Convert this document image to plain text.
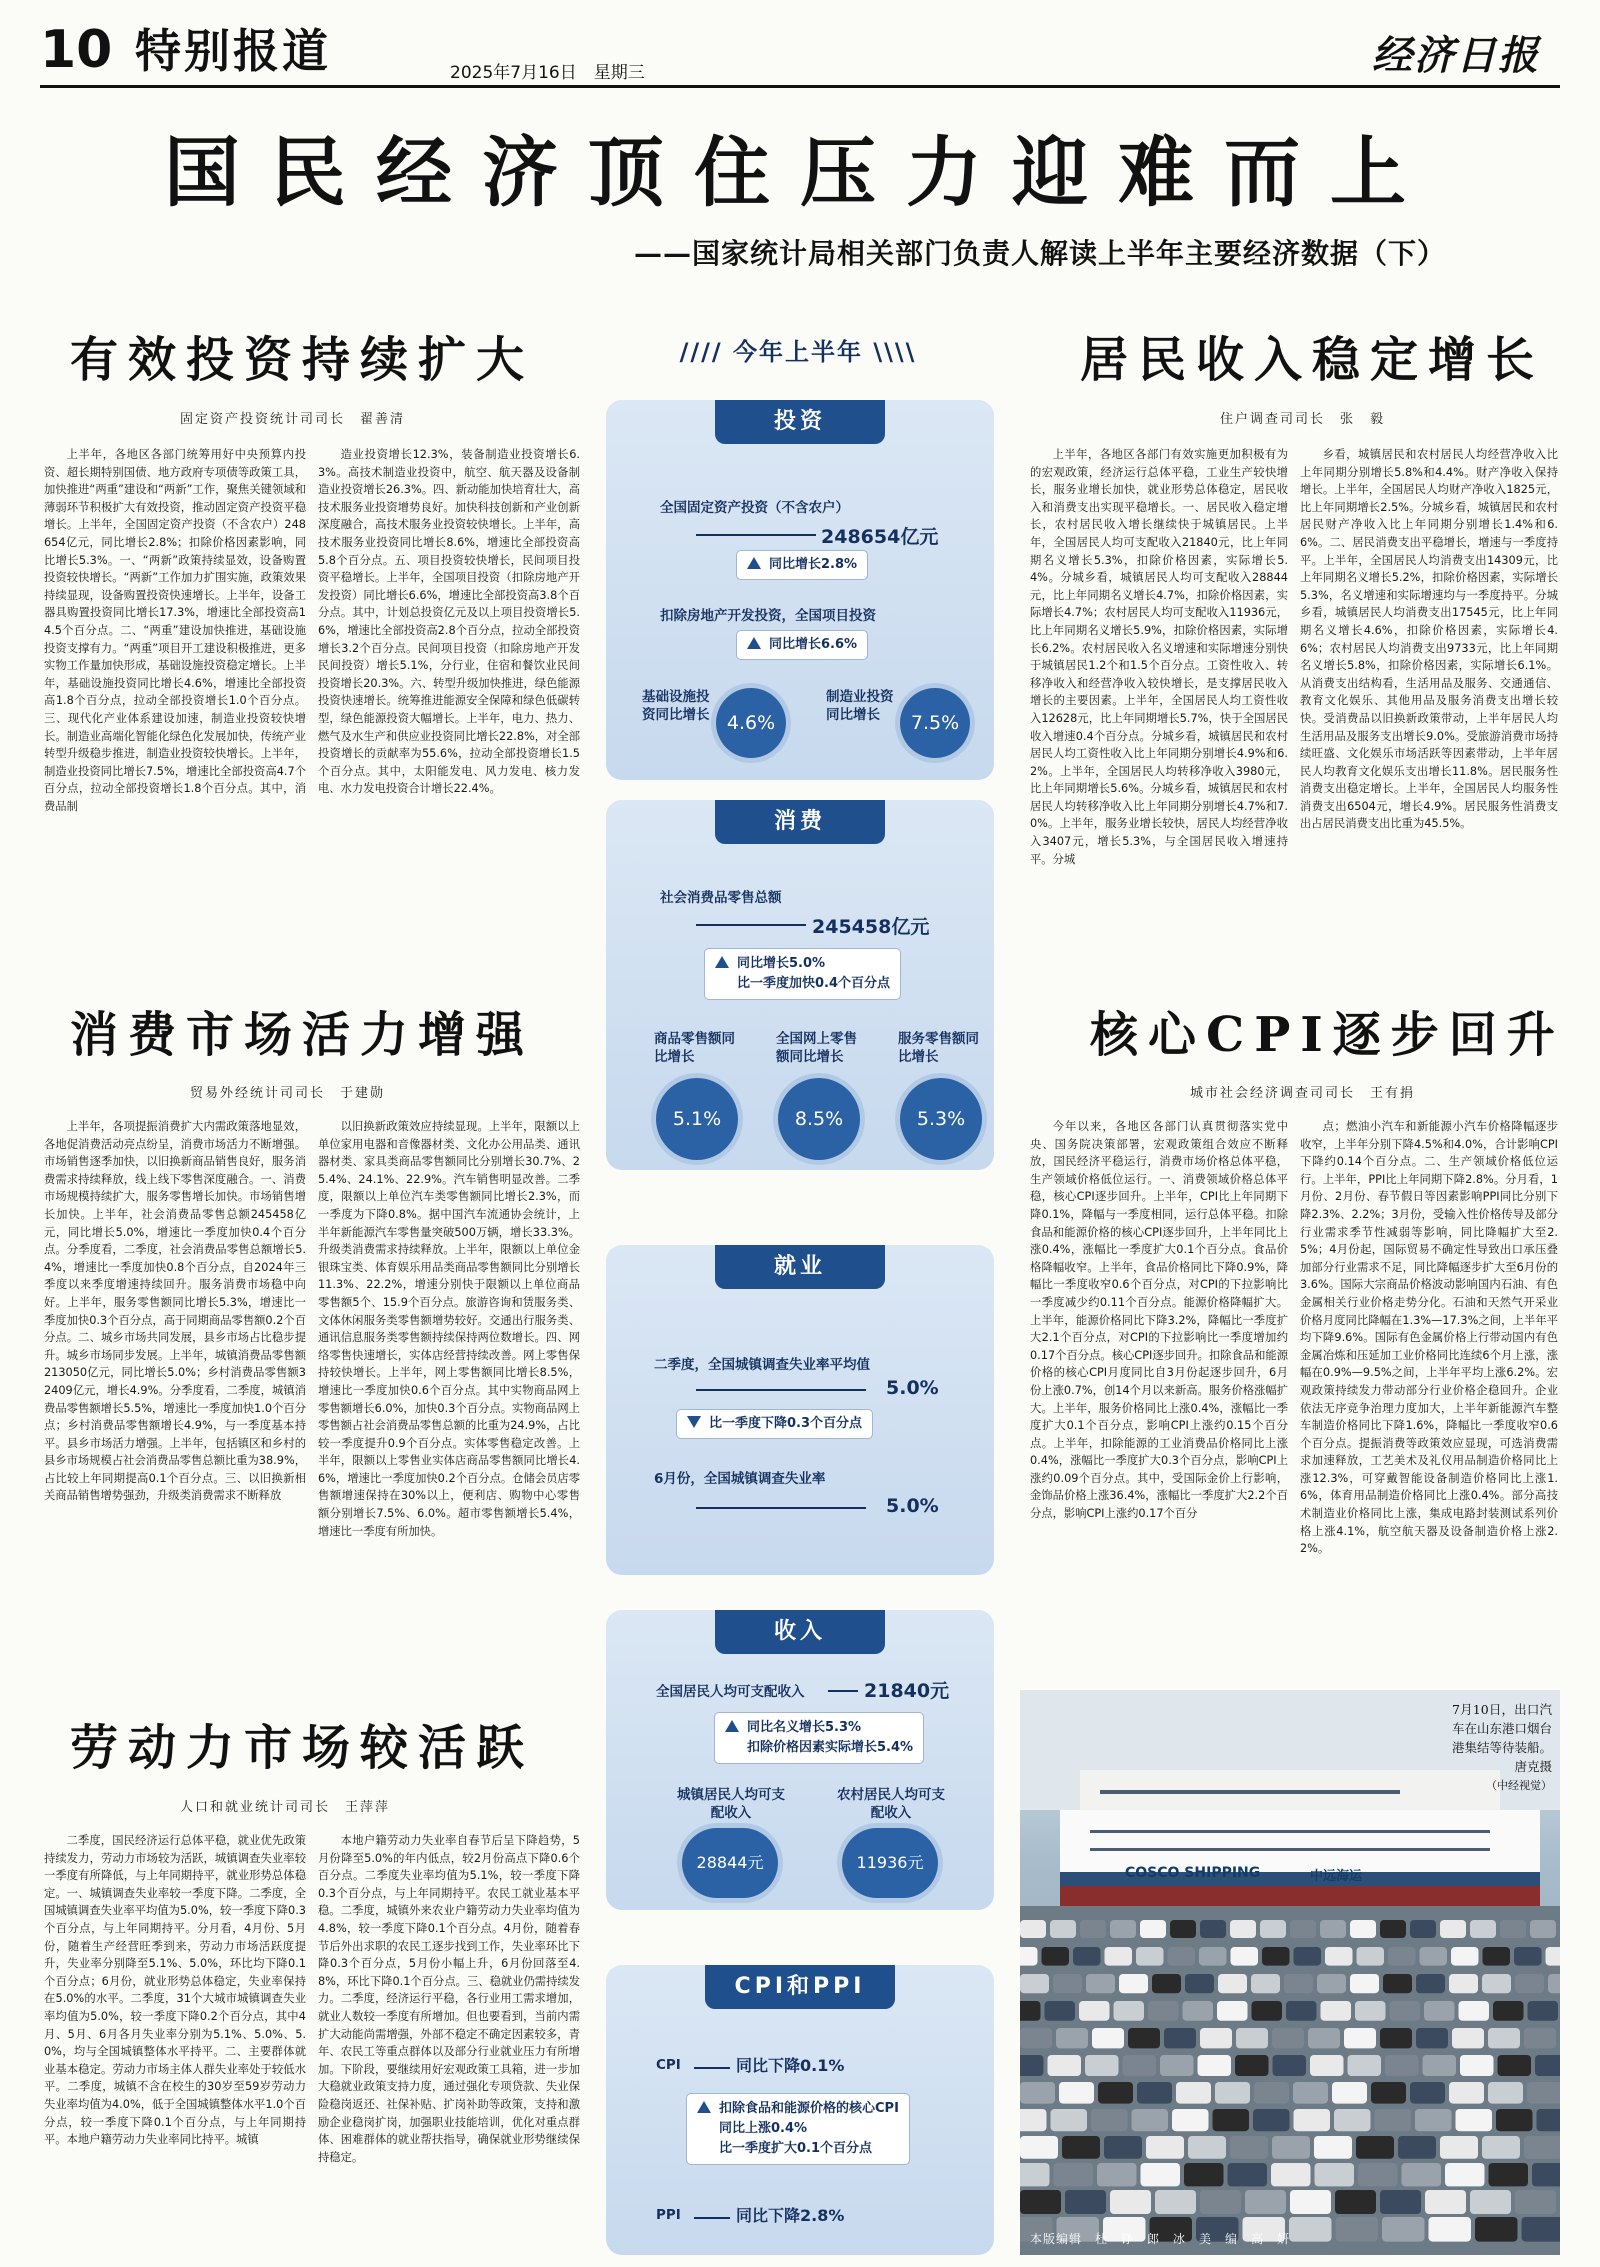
10 特别报道	2025年7月16日　星期三	经济日报
国民经济顶住压力迎难而上
——国家统计局相关部门负责人解读上半年主要经济数据（下）
有效投资持续扩大
固定资产投资统计司司长　翟善清

上半年，各地区各部门统筹用好中央预算内投资、超长期特别国债、地方政府专项债等政策工具，加快推进“两重”建设和“两新”工作，聚焦关键领域和薄弱环节积极扩大有效投资，推动固定资产投资平稳增长。上半年，全国固定资产投资（不含农户）248654亿元，同比增长2.8%；扣除价格因素影响，同比增长5.3%。一、“两新”政策持续显效，设备购置投资较快增长。“两新”工作加力扩围实施，政策效果持续显现，设备购置投资快速增长。上半年，设备工器具购置投资同比增长17.3%，增速比全部投资高14.5个百分点。二、“两重”建设加快推进，基础设施投资支撑有力。“两重”项目开工建设积极推进，更多实物工作量加快形成，基础设施投资稳定增长。上半年，基础设施投资同比增长4.6%，增速比全部投资高1.8个百分点，拉动全部投资增长1.0个百分点。三、现代化产业体系建设加速，制造业投资较快增长。制造业高端化智能化绿色化发展加快，传统产业转型升级稳步推进，制造业投资较快增长。上半年，制造业投资同比增长7.5%，增速比全部投资高4.7个百分点，拉动全部投资增长1.8个百分点。其中，消费品制

造业投资增长12.3%，装备制造业投资增长6.3%。高技术制造业投资中，航空、航天器及设备制造业投资增长26.3%。四、新动能加快培育壮大，高技术服务业投资增势良好。加快科技创新和产业创新深度融合，高技术服务业投资较快增长。上半年，高技术服务业投资同比增长8.6%，增速比全部投资高5.8个百分点。五、项目投资较快增长，民间项目投资平稳增长。上半年，全国项目投资（扣除房地产开发投资）同比增长6.6%，增速比全部投资高3.8个百分点。其中，计划总投资亿元及以上项目投资增长5.6%，增速比全部投资高2.8个百分点，拉动全部投资增长3.2个百分点。民间项目投资（扣除房地产开发民间投资）增长5.1%，分行业，住宿和餐饮业民间投资增长20.3%。六、转型升级加快推进，绿色能源投资快速增长。统筹推进能源安全保障和绿色低碳转型，绿色能源投资大幅增长。上半年，电力、热力、燃气及水生产和供应业投资同比增长22.8%，对全部投资增长的贡献率为55.6%，拉动全部投资增长1.5个百分点。其中，太阳能发电、风力发电、核力发电、水力发电投资合计增长22.4%。

消费市场活力增强
贸易外经统计司司长　于建勋

上半年，各项提振消费扩大内需政策落地显效，各地促消费活动亮点纷呈，消费市场活力不断增强。市场销售逐季加快，以旧换新商品销售良好，服务消费需求持续释放，线上线下零售深度融合。一、消费市场规模持续扩大，服务零售增长加快。市场销售增长加快。上半年，社会消费品零售总额245458亿元，同比增长5.0%，增速比一季度加快0.4个百分点。分季度看，二季度，社会消费品零售总额增长5.4%，增速比一季度加快0.8个百分点，自2024年三季度以来季度增速持续回升。服务消费市场稳中向好。上半年，服务零售额同比增长5.3%，增速比一季度加快0.3个百分点，高于同期商品零售额0.2个百分点。二、城乡市场共同发展，县乡市场占比稳步提升。城乡市场同步发展。上半年，城镇消费品零售额213050亿元，同比增长5.0%；乡村消费品零售额32409亿元，增长4.9%。分季度看，二季度，城镇消费品零售额增长5.5%，增速比一季度加快1.0个百分点；乡村消费品零售额增长4.9%，与一季度基本持平。县乡市场活力增强。上半年，包括镇区和乡村的县乡市场规模占社会消费品零售总额比重为38.9%，占比较上年同期提高0.1个百分点。三、以旧换新相关商品销售增势强劲，升级类消费需求不断释放

以旧换新政策效应持续显现。上半年，限额以上单位家用电器和音像器材类、文化办公用品类、通讯器材类、家具类商品零售额同比分别增长30.7%、25.4%、24.1%、22.9%。汽车销售明显改善。二季度，限额以上单位汽车类零售额同比增长2.3%，而一季度为下降0.8%。据中国汽车流通协会统计，上半年新能源汽车零售量突破500万辆，增长33.3%。升级类消费需求持续释放。上半年，限额以上单位金银珠宝类、体育娱乐用品类商品零售额同比分别增长11.3%、22.2%，增速分别快于限额以上单位商品零售额5个、15.9个百分点。旅游咨询和赁服务类、文体休闲服务类零售额增势较好。交通出行服务类、通讯信息服务类零售额持续保持两位数增长。四、网络零售快速增长，实体店经营持续改善。网上零售保持较快增长。上半年，网上零售额同比增长8.5%，增速比一季度加快0.6个百分点。其中实物商品网上零售额增长6.0%，加快0.3个百分点。实物商品网上零售额占社会消费品零售总额的比重为24.9%，占比较一季度提升0.9个百分点。实体零售稳定改善。上半年，限额以上零售业实体店商品零售额同比增长4.6%，增速比一季度加快0.2个百分点。仓储会员店零售额增速保持在30%以上，便利店、购物中心零售额分别增长7.5%、6.0%。超市零售额增长5.4%，增速比一季度有所加快。

劳动力市场较活跃
人口和就业统计司司长　王萍萍

二季度，国民经济运行总体平稳，就业优先政策持续发力，劳动力市场较为活跃，城镇调查失业率较一季度有所降低，与上年同期持平，就业形势总体稳定。一、城镇调查失业率较一季度下降。二季度，全国城镇调查失业率平均值为5.0%，较一季度下降0.3个百分点，与上年同期持平。分月看，4月份、5月份，随着生产经营旺季到来，劳动力市场活跃度提升，失业率分别降至5.1%、5.0%，环比均下降0.1个百分点；6月份，就业形势总体稳定，失业率保持在5.0%的水平。二季度，31个大城市城镇调查失业率均值为5.0%，较一季度下降0.2个百分点，其中4月、5月、6月各月失业率分别为5.1%、5.0%、5.0%，均与全国城镇整体水平持平。二、主要群体就业基本稳定。劳动力市场主体人群失业率处于较低水平。二季度，城镇不含在校生的30岁至59岁劳动力失业率均值为4.0%，低于全国城镇整体水平1.0个百分点，较一季度下降0.1个百分点，与上年同期持平。本地户籍劳动力失业率同比持平。城镇

本地户籍劳动力失业率自春节后呈下降趋势，5月份降至5.0%的年内低点，较2月份高点下降0.6个百分点。二季度失业率均值为5.1%，较一季度下降0.3个百分点，与上年同期持平。农民工就业基本平稳。二季度，城镇外来农业户籍劳动力失业率均值为4.8%，较一季度下降0.1个百分点。4月份，随着春节后外出求职的农民工逐步找到工作，失业率环比下降0.3个百分点，5月份小幅上升，6月份回落至4.8%，环比下降0.1个百分点。三、稳就业仍需持续发力。二季度，经济运行平稳，各行业用工需求增加，就业人数较一季度有所增加。但也要看到，当前内需扩大动能尚需增强，外部不稳定不确定因素较多，青年、农民工等重点群体以及部分行业就业压力有所增加。下阶段，要继续用好宏观政策工具箱，进一步加大稳就业政策支持力度，通过强化专项贷款、失业保险稳岗返还、社保补贴、扩岗补助等政策，支持和激励企业稳岗扩岗，加强职业技能培训，优化对重点群体、困难群体的就业帮扶指导，确保就业形势继续保持稳定。

居民收入稳定增长
住户调查司司长　张　毅

上半年，各地区各部门有效实施更加积极有为的宏观政策，经济运行总体平稳，工业生产较快增长，服务业增长加快，就业形势总体稳定，居民收入和消费支出实现平稳增长。一、居民收入稳定增长，农村居民收入增长继续快于城镇居民。上半年，全国居民人均可支配收入21840元，比上年同期名义增长5.3%，扣除价格因素，实际增长5.4%。分城乡看，城镇居民人均可支配收入28844元，比上年同期名义增长4.7%，扣除价格因素，实际增长4.7%；农村居民人均可支配收入11936元，比上年同期名义增长5.9%，扣除价格因素，实际增长6.2%。农村居民收入名义增速和实际增速分别快于城镇居民1.2个和1.5个百分点。工资性收入、转移净收入和经营净收入较快增长，是支撑居民收入增长的主要因素。上半年，全国居民人均工资性收入12628元，比上年同期增长5.7%，快于全国居民收入增速0.4个百分点。分城乡看，城镇居民和农村居民人均工资性收入比上年同期分别增长4.9%和6.2%。上半年，全国居民人均转移净收入3980元，比上年同期增长5.6%。分城乡看，城镇居民和农村居民人均转移净收入比上年同期分别增长4.7%和7.0%。上半年，服务业增长较快，居民人均经营净收入3407元，增长5.3%，与全国居民收入增速持平。分城

乡看，城镇居民和农村居民人均经营净收入比上年同期分别增长5.8%和4.4%。财产净收入保持增长。上半年，全国居民人均财产净收入1825元，比上年同期增长2.5%。分城乡看，城镇居民和农村居民财产净收入比上年同期分别增长1.4%和6.6%。二、居民消费支出平稳增长，增速与一季度持平。上半年，全国居民人均消费支出14309元，比上年同期名义增长5.2%，扣除价格因素，实际增长5.3%，名义增速和实际增速均与一季度持平。分城乡看，城镇居民人均消费支出17545元，比上年同期名义增长4.6%，扣除价格因素，实际增长4.6%；农村居民人均消费支出9733元，比上年同期名义增长5.8%，扣除价格因素，实际增长6.1%。从消费支出结构看，生活用品及服务、交通通信、教育文化娱乐、其他用品及服务消费支出增长较快。受消费品以旧换新政策带动，上半年居民人均生活用品及服务支出增长9.0%。受旅游消费市场持续旺盛、文化娱乐市场活跃等因素带动，上半年居民人均教育文化娱乐支出增长11.8%。居民服务性消费支出稳定增长。上半年，全国居民人均服务性消费支出6504元，增长4.9%。居民服务性消费支出占居民消费支出比重为45.5%。

核心CPI逐步回升
城市社会经济调查司司长　王有捐

今年以来，各地区各部门认真贯彻落实党中央、国务院决策部署，宏观政策组合效应不断释放，国民经济平稳运行，消费市场价格总体平稳，生产领域价格低位运行。一、消费领域价格总体平稳，核心CPI逐步回升。上半年，CPI比上年同期下降0.1%，降幅与一季度相同，运行总体平稳。扣除食品和能源价格的核心CPI逐步回升，上半年同比上涨0.4%，涨幅比一季度扩大0.1个百分点。食品价格降幅收窄。上半年，食品价格同比下降0.9%，降幅比一季度收窄0.6个百分点，对CPI的下拉影响比一季度减少约0.11个百分点。能源价格降幅扩大。上半年，能源价格同比下降3.2%，降幅比一季度扩大2.1个百分点，对CPI的下拉影响比一季度增加约0.17个百分点。核心CPI逐步回升。扣除食品和能源价格的核心CPI月度同比自3月份起逐步回升，6月份上涨0.7%，创14个月以来新高。服务价格涨幅扩大。上半年，服务价格同比上涨0.4%，涨幅比一季度扩大0.1个百分点，影响CPI上涨约0.15个百分点。上半年，扣除能源的工业消费品价格同比上涨0.4%，涨幅比一季度扩大0.3个百分点，影响CPI上涨约0.09个百分点。其中，受国际金价上行影响，金饰品价格上涨36.4%，涨幅比一季度扩大2.2个百分点，影响CPI上涨约0.17个百分

点；燃油小汽车和新能源小汽车价格降幅逐步收窄，上半年分别下降4.5%和4.0%，合计影响CPI下降约0.14个百分点。二、生产领域价格低位运行。上半年，PPI比上年同期下降2.8%。分月看，1月份、2月份、春节假日等因素影响PPI同比分别下降2.3%、2.2%；3月份，受输入性价格传导及部分行业需求季节性减弱等影响，同比降幅扩大至2.5%；4月份起，国际贸易不确定性导致出口承压叠加部分行业需求不足，同比降幅逐步扩大至6月份的3.6%。国际大宗商品价格波动影响国内石油、有色金属相关行业价格走势分化。石油和天然气开采业价格月度同比降幅在1.3%—17.3%之间，上半年平均下降9.6%。国际有色金属价格上行带动国内有色金属冶炼和压延加工业价格同比连续6个月上涨，涨幅在0.9%—9.5%之间，上半年平均上涨6.2%。宏观政策持续发力带动部分行业价格企稳回升。企业依法无序竞争治理力度加大，上半年新能源汽车整车制造价格同比下降1.6%，降幅比一季度收窄0.6个百分点。提振消费等政策效应显现，可选消费需求加速释放，工艺美术及礼仪用品制造价格同比上涨12.3%，可穿戴智能设备制造价格同比上涨1.6%，体育用品制造价格同比上涨0.4%。部分高技术制造业价格同比上涨，集成电路封装测试系列价格上涨4.1%，航空航天器及设备制造价格上涨2.2%。

//// 今年上半年 \\\\
投资
全国固定资产投资（不含农户）
248654亿元
同比增长2.8%
扣除房地产开发投资，全国项目投资
同比增长6.6%
基础设施投资同比增长 4.6%
制造业投资同比增长	7.5%
消费
社会消费品零售总额
245458亿元
同比增长5.0%
比一季度加快0.4个百分点
商品零售额同比增长
全国网上零售额同比增长
服务零售额同比增长
5.1%	8.5%	5.3%
就业
二季度，全国城镇调查失业率平均值
5.0%
比一季度下降0.3个百分点
6月份，全国城镇调查失业率
5.0%
收入
全国居民人均可支配收入	21840元
同比名义增长5.3%
扣除价格因素实际增长5.4%
城镇居民人均可支配收入
农村居民人均可支配收入
28844元	11936元
CPI和PPI
CPI	同比下降0.1%
扣除食品和能源价格的核心CPI
同比上涨0.4%
比一季度扩大0.1个百分点
PPI	同比下降2.8%
COSCO SHIPPING	中远海运
7月10日，出口汽车在山东港口烟台港集结等待装船。

唐克摄
（中经视觉）
本版编辑　杜　铮　郎　冰　美　编　高　妍
